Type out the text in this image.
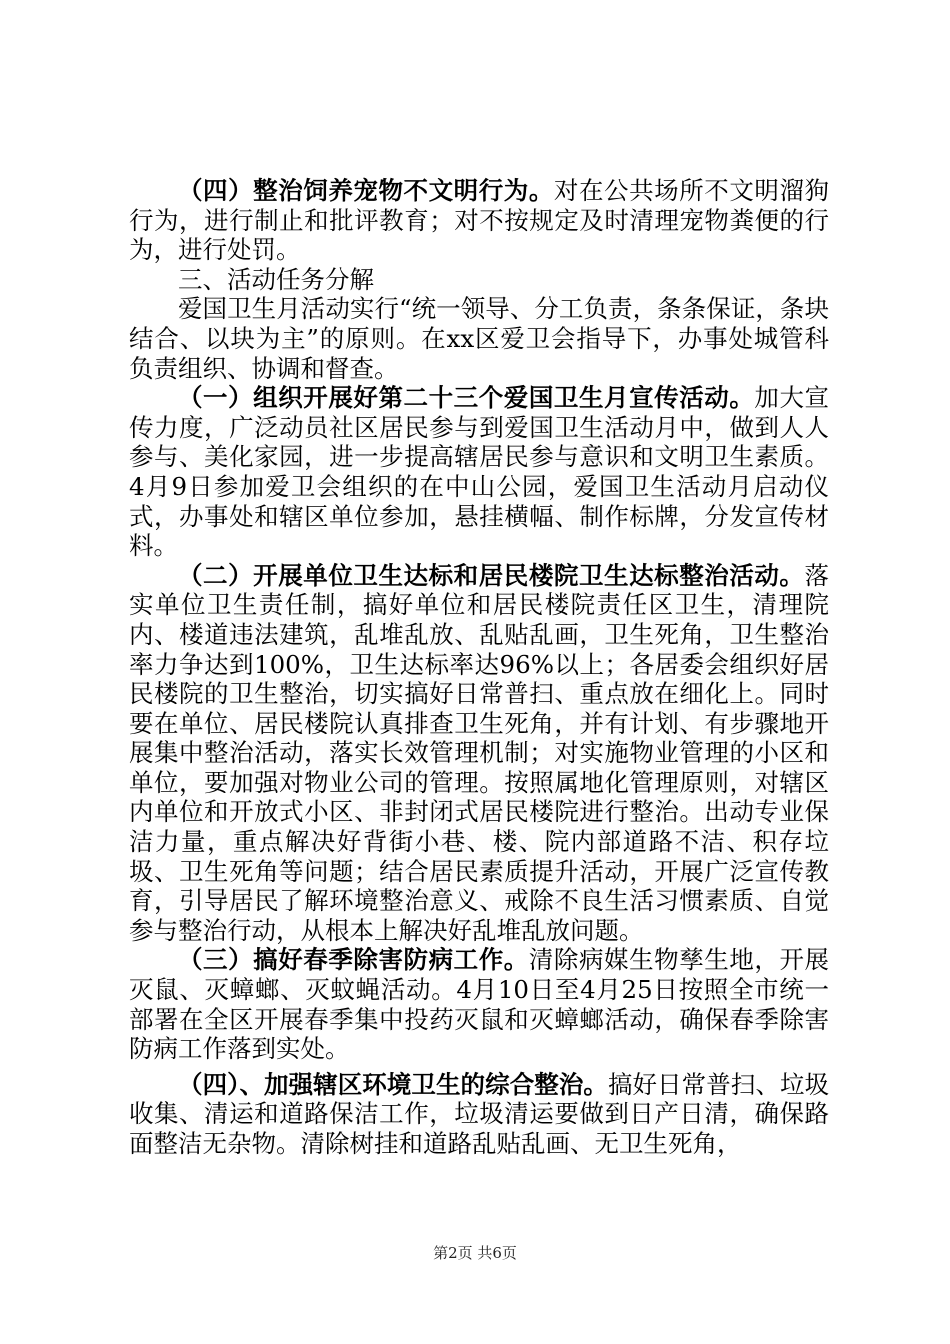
（四）整治饲养宠物不文明行为。对在公共场所不文明溜狗行为，进行制止和批评教育；对不按规定及时清理宠物粪便的行为，进行处罚。

三、活动任务分解

爱国卫生月活动实行“统一领导、分工负责，条条保证，条块结合、以块为主”的原则。在xx区爱卫会指导下，办事处城管科负责组织、协调和督查。

（一）组织开展好第二十三个爱国卫生月宣传活动。加大宣传力度，广泛动员社区居民参与到爱国卫生活动月中，做到人人参与、美化家园，进一步提高辖居民参与意识和文明卫生素质。4月9日参加爱卫会组织的在中山公园，爱国卫生活动月启动仪式，办事处和辖区单位参加，悬挂横幅、制作标牌，分发宣传材料。

（二）开展单位卫生达标和居民楼院卫生达标整治活动。落实单位卫生责任制，搞好单位和居民楼院责任区卫生，清理院内、楼道违法建筑，乱堆乱放、乱贴乱画，卫生死角，卫生整治率力争达到100%，卫生达标率达96%以上；各居委会组织好居民楼院的卫生整治，切实搞好日常普扫、重点放在细化上。同时要在单位、居民楼院认真排查卫生死角，并有计划、有步骤地开展集中整治活动，落实长效管理机制；对实施物业管理的小区和单位，要加强对物业公司的管理。按照属地化管理原则，对辖区内单位和开放式小区、非封闭式居民楼院进行整治。出动专业保洁力量，重点解决好背街小巷、楼、院内部道路不洁、积存垃圾、卫生死角等问题；结合居民素质提升活动，开展广泛宣传教育，引导居民了解环境整治意义、戒除不良生活习惯素质、自觉参与整治行动，从根本上解决好乱堆乱放问题。

（三）搞好春季除害防病工作。清除病媒生物孳生地，开展灭鼠、灭蟑螂、灭蚊蝇活动。4月10日至4月25日按照全市统一部署在全区开展春季集中投药灭鼠和灭蟑螂活动，确保春季除害防病工作落到实处。

（四）、加强辖区环境卫生的综合整治。搞好日常普扫、垃圾收集、清运和道路保洁工作，垃圾清运要做到日产日清，确保路面整洁无杂物。清除树挂和道路乱贴乱画、无卫生死角，

第2页 共6页
